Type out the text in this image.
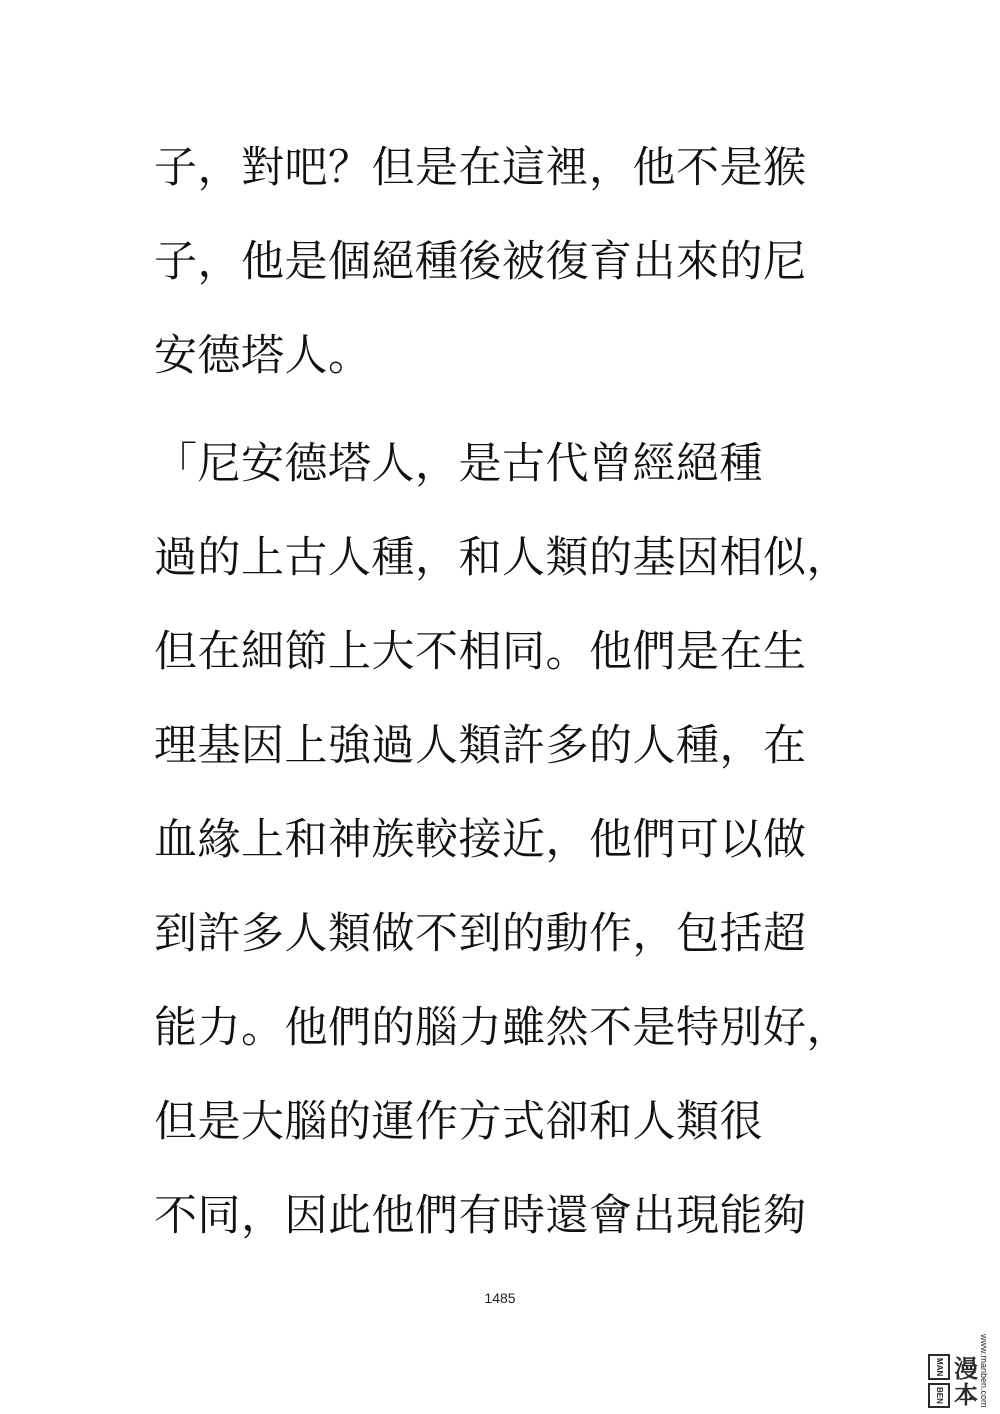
子，對吧？但是在這裡，他不是猴
子，他是個絕種後被復育出來的尼
安德塔人。
「尼安德塔人，是古代曾經絕種
過的上古人種，和人類的基因相似，
但在細節上大不相同。他們是在生
理基因上強過人類許多的人種，在
血緣上和神族較接近，他們可以做
到許多人類做不到的動作，包括超
能力。他們的腦力雖然不是特別好，
但是大腦的運作方式卻和人類很
不同，因此他們有時還會出現能夠
1485
MAN
BEN 漫本 www.manben.com
